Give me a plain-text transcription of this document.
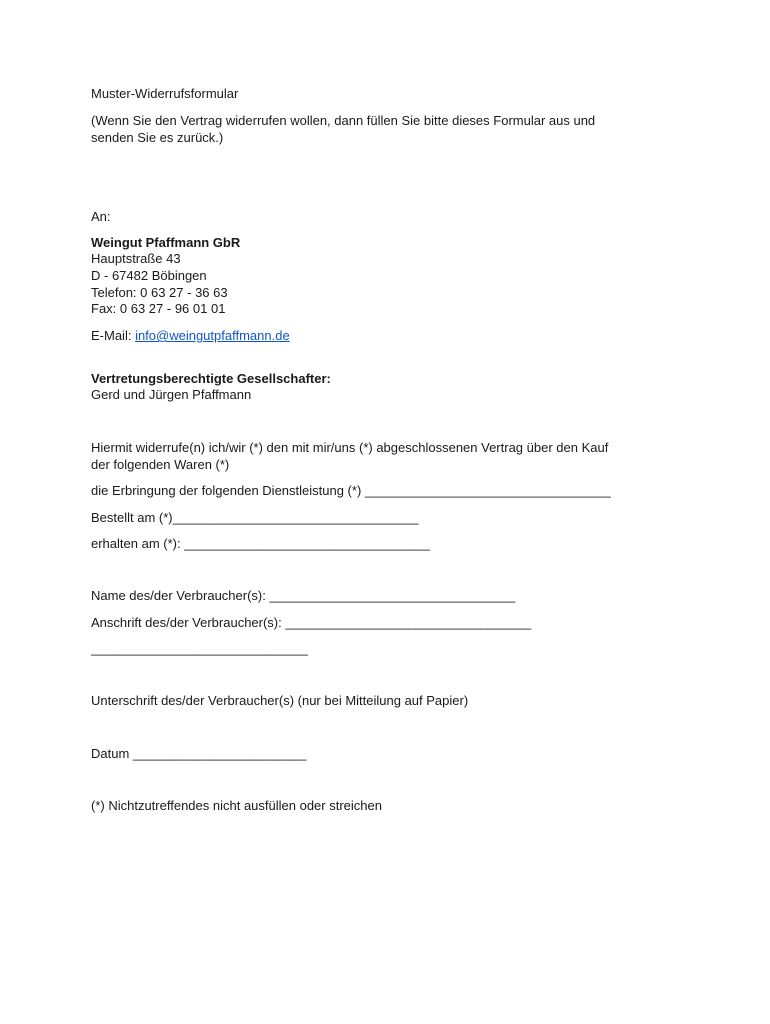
Muster-Widerrufsformular
(Wenn Sie den Vertrag widerrufen wollen, dann füllen Sie bitte dieses Formular aus und
senden Sie es zurück.)
An:
Weingut Pfaffmann GbR
Hauptstraße 43
D - 67482 Böbingen
Telefon: 0 63 27 - 36 63
Fax: 0 63 27 - 96 01 01
E-Mail: info@weingutpfaffmann.de
Vertretungsberechtigte Gesellschafter:
Gerd und Jürgen Pfaffmann
Hiermit widerrufe(n) ich/wir (*) den mit mir/uns (*) abgeschlossenen Vertrag über den Kauf
der folgenden Waren (*)
die Erbringung der folgenden Dienstleistung (*) __________________________________
Bestellt am (*)__________________________________
erhalten am (*): __________________________________
Name des/der Verbraucher(s): __________________________________
Anschrift des/der Verbraucher(s): __________________________________
______________________________
Unterschrift des/der Verbraucher(s) (nur bei Mitteilung auf Papier)
Datum ________________________
(*) Nichtzutreffendes nicht ausfüllen oder streichen
